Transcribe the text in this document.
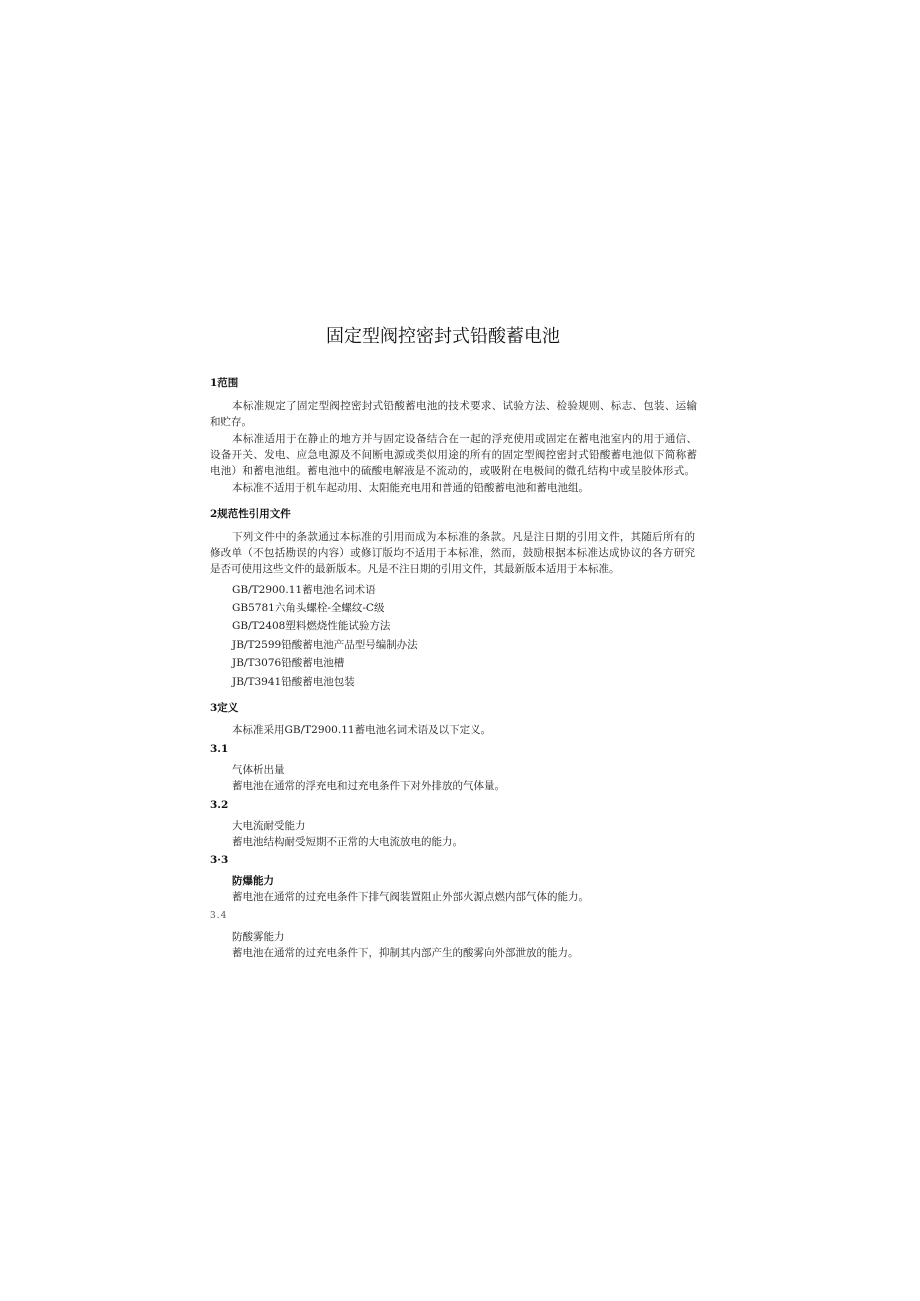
固定型阀控密封式铅酸蓄电池
1范围
本标准规定了固定型阀控密封式铅酸蓄电池的技术要求、试验方法、检验规则、标志、包装、运输
和贮存。
本标准适用于在静止的地方并与固定设备结合在一起的浮充使用或固定在蓄电池室内的用于通信、
设备开关、发电、应急电源及不间断电源或类似用途的所有的固定型阀控密封式铅酸蓄电池似下简称蓄
电池）和蓄电池组。蓄电池中的硫酸电解液是不流动的，或吸附在电极间的微孔结构中或呈胶体形式。
本标准不适用于机车起动用、太阳能充电用和普通的铅酸蓄电池和蓄电池组。
2规范性引用文件
下列文件中的条款通过本标准的引用而成为本标准的条款。凡是注日期的引用文件，其随后所有的
修改单（不包括勘误的内容）或修订版均不适用于本标准，然而，鼓励根据本标准达成协议的各方研究
是否可使用这些文件的最新版本。凡是不注日期的引用文件，其最新版本适用于本标准。
GB/T2900.11蓄电池名词术语
GB5781六角头螺栓-全螺纹-C级
GB/T2408塑料燃烧性能试验方法
JB/T2599铅酸蓄电池产品型号编制办法
JB/T3076铅酸蓄电池槽
JB/T3941铅酸蓄电池包装
3定义
本标准采用GB/T2900.11蓄电池名词术语及以下定义。
3.1
气体析出量
蓄电池在通常的浮充电和过充电条件下对外排放的气体量。
3.2
大电流耐受能力
蓄电池结构耐受短期不正常的大电流放电的能力。
3·3
防爆能力
蓄电池在通常的过充电条件下排气阀装置阻止外部火源点燃内部气体的能力。
3.4
防酸雾能力
蓄电池在通常的过充电条件下，抑制其内部产生的酸雾向外部泄放的能力。
